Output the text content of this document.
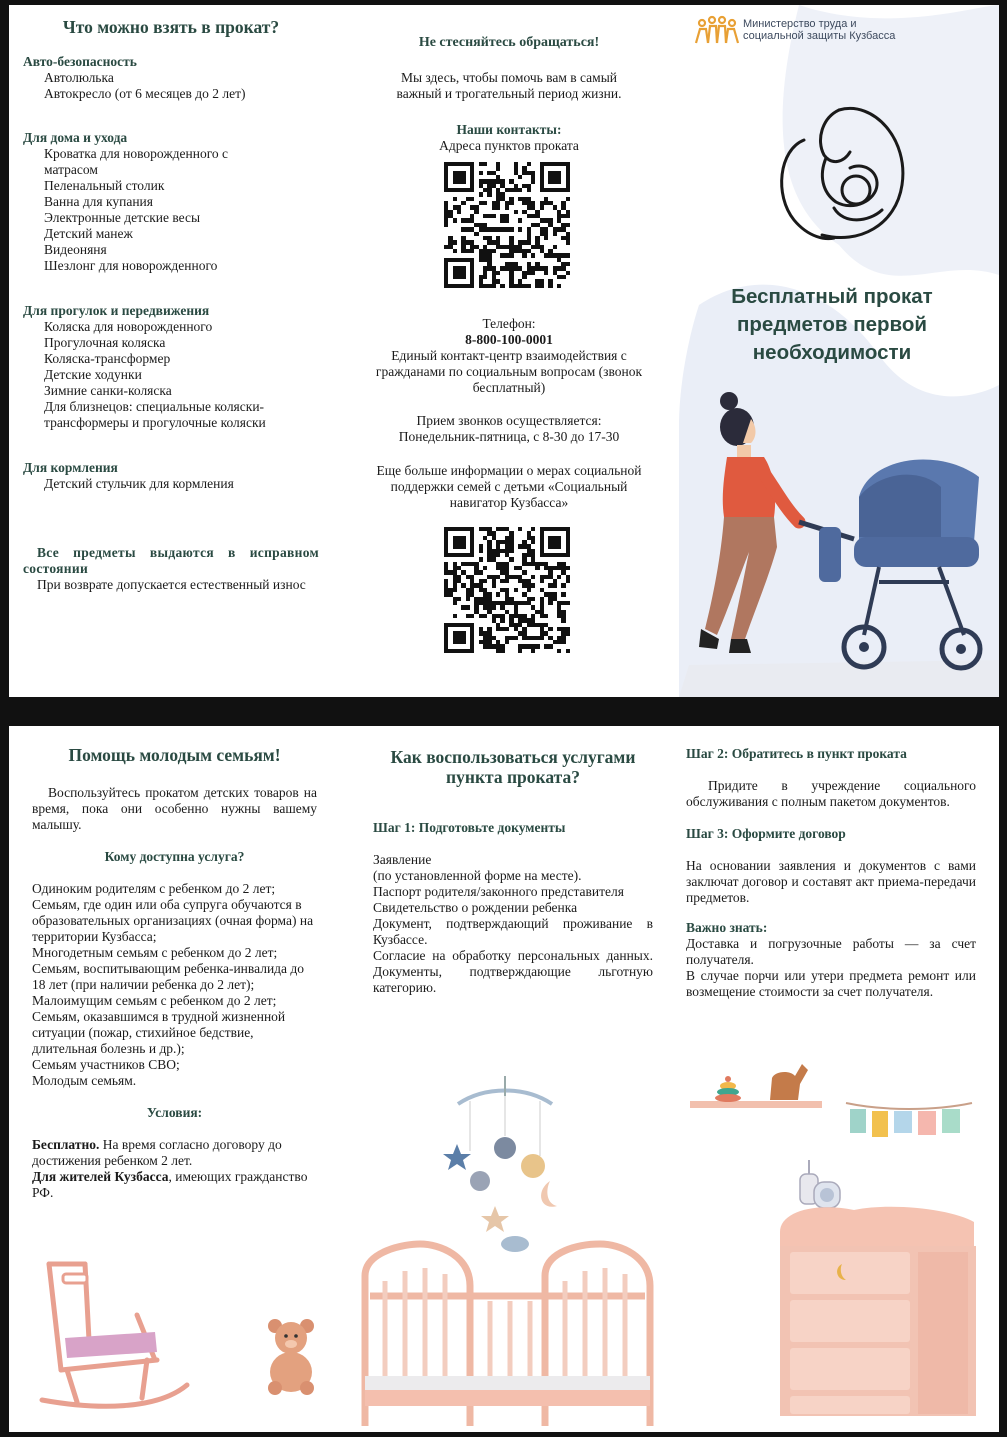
Что можно взять в прокат?

Авто-безопасность

Автолюлька

Автокресло (от 6 месяцев до 2 лет)

Для дома и ухода

Кроватка для новорожденного с матрасом

Пеленальный столик

Ванна для купания

Электронные детские весы

Детский манеж

Видеоняня

Шезлонг для новорожденного

Для прогулок и передвижения

Коляска для новорожденного

Прогулочная коляска

Коляска-трансформер

Детские ходунки

Зимние санки-коляска

Для близнецов: специальные коляски-трансформеры и прогулочные коляски

Для кормления

Детский стульчик для кормления

Все предметы выдаются в исправном состоянии

При возврате допускается естественный износ

Не стесняйтесь обращаться!

Мы здесь, чтобы помочь вам в самый важный и трогательный период жизни.

Наши контакты:

Адреса пунктов проката

Телефон:

8-800-100-0001

Единый контакт-центр взаимодействия с гражданами по социальным вопросам (звонок бесплатный)

Прием звонков осуществляется:

Понедельник-пятница, с 8-30 до 17-30

Еще больше информации о мерах социальной поддержки семей с детьми «Социальный навигатор Кузбасса»

Министерство труда и социальной защиты Кузбасса
Бесплатный прокат предметов первой необходимости
Помощь молодым семьям!

Воспользуйтесь прокатом детских товаров на время, пока они особенно нужны вашему малышу.

Кому доступна услуга?

Одиноким родителям с ребенком до 2 лет;

Семьям, где один или оба супруга обучаются в образовательных организациях (очная форма) на территории Кузбасса;

Многодетным семьям с ребенком до 2 лет;

Семьям, воспитывающим ребенка-инвалида до 18 лет (при наличии ребенка до 2 лет);

Малоимущим семьям с ребенком до 2 лет;

Семьям, оказавшимся в трудной жизненной ситуации (пожар, стихийное бедствие, длительная болезнь и др.);

Семьям участников СВО;

Молодым семьям.

Условия:

Бесплатно. На время согласно договору до достижения ребенком 2 лет.

Для жителей Кузбасса, имеющих гражданство РФ.

Как воспользоваться услугами пункта проката?

Шаг 1: Подготовьте документы

Заявление

(по установленной форме на месте).

Паспорт родителя/законного представителя

Свидетельство о рождении ребенка

Документ, подтверждающий проживание в Кузбассе.

Согласие на обработку персональных данных. Документы, подтверждающие льготную категорию.

Шаг 2: Обратитесь в пункт проката

Придите в учреждение социального обслуживания с полным пакетом документов.

Шаг 3: Оформите договор

На основании заявления и документов с вами заключат договор и составят акт приема-передачи предметов.

Важно знать:

Доставка и погрузочные работы — за счет получателя.

В случае порчи или утери предмета ремонт или возмещение стоимости за счет получателя.
